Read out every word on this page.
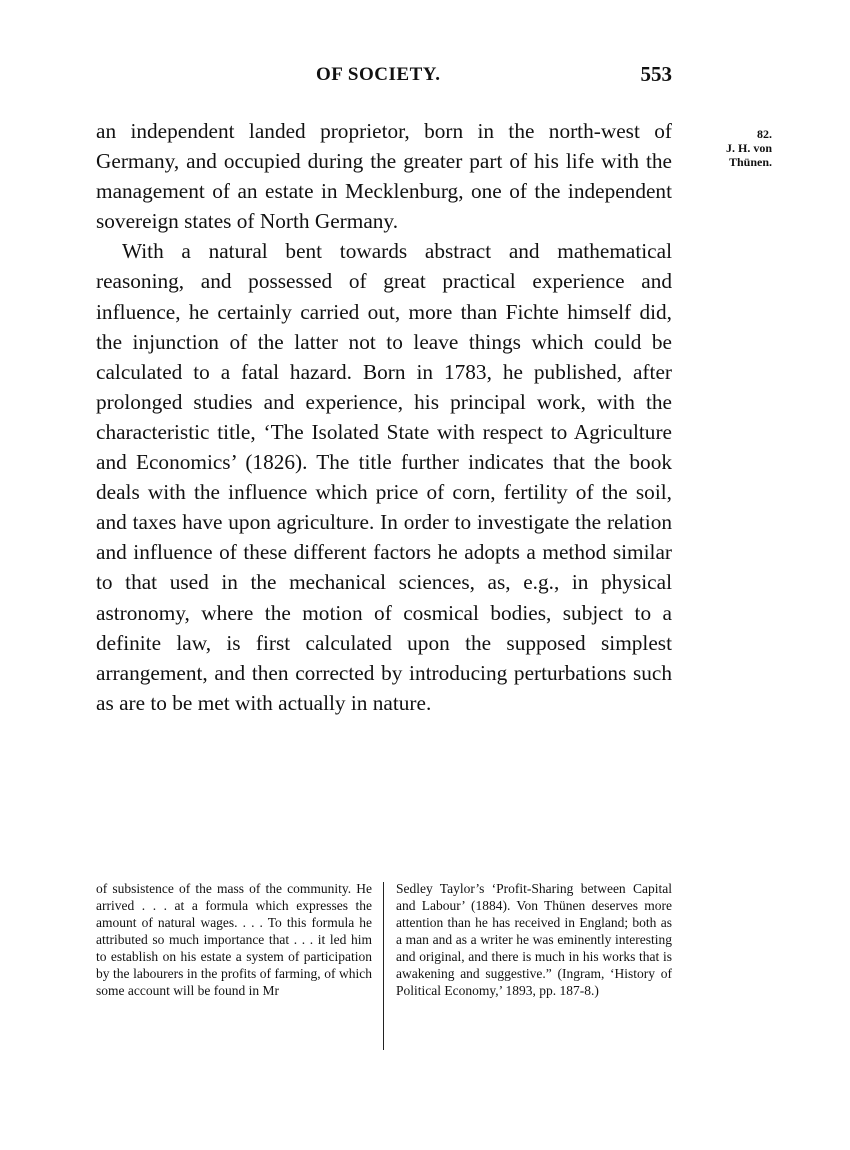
OF SOCIETY.	553
82.
J. H. von
Thünen.

an independent landed proprietor, born in the north-west of Germany, and occupied during the greater part of his life with the management of an estate in Mecklenburg, one of the independent sovereign states of North Germany.

With a natural bent towards abstract and mathematical reasoning, and possessed of great practical experience and influence, he certainly carried out, more than Fichte himself did, the injunction of the latter not to leave things which could be calculated to a fatal hazard. Born in 1783, he published, after prolonged studies and experience, his principal work, with the characteristic title, ‘The Isolated State with respect to Agriculture and Economics’ (1826). The title further indicates that the book deals with the influence which price of corn, fertility of the soil, and taxes have upon agriculture. In order to investigate the relation and influence of these different factors he adopts a method similar to that used in the mechanical sciences, as, e.g., in physical astronomy, where the motion of cosmical bodies, subject to a definite law, is first calculated upon the supposed simplest arrangement, and then corrected by introducing perturbations such as are to be met with actually in nature.

of subsistence of the mass of the community. He arrived . . . at a formula which expresses the amount of natural wages. . . . To this formula he attributed so much importance that . . . it led him to establish on his estate a system of participation by the labourers in the profits of farming, of which some account will be found in Mr
Sedley Taylor’s ‘Profit-Sharing between Capital and Labour’ (1884). Von Thünen deserves more attention than he has received in England; both as a man and as a writer he was eminently interesting and original, and there is much in his works that is awakening and suggestive.” (Ingram, ‘History of Political Economy,’ 1893, pp. 187-8.)
